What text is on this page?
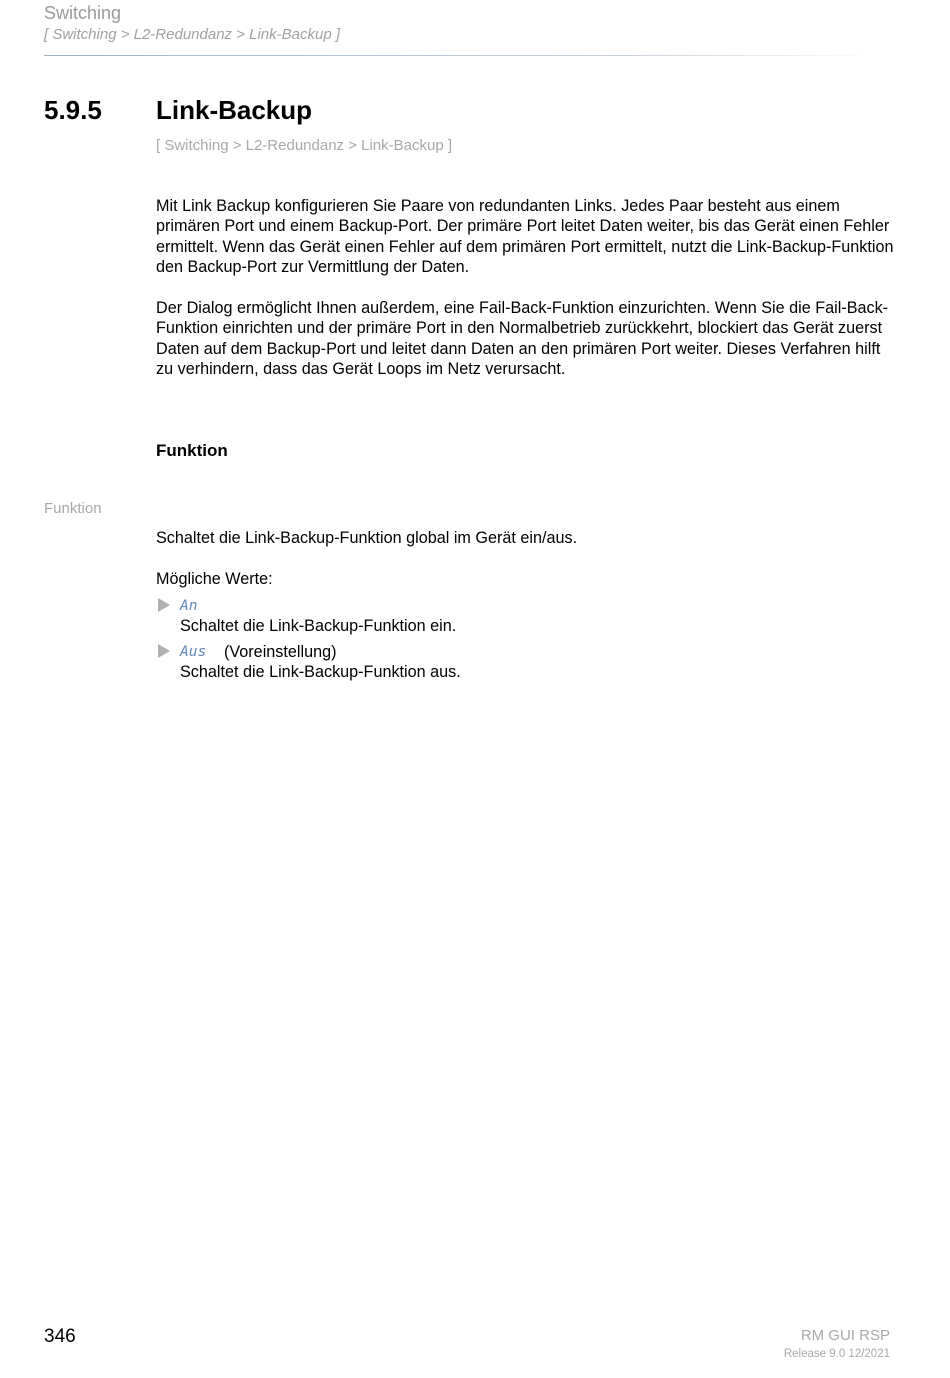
Switching
[ Switching > L2-Redundanz > Link-Backup ]
5.9.5 Link-Backup
[ Switching > L2-Redundanz > Link-Backup ]
Mit Link Backup konfigurieren Sie Paare von redundanten Links. Jedes Paar besteht aus einem primären Port und einem Backup-Port. Der primäre Port leitet Daten weiter, bis das Gerät einen Fehler ermittelt. Wenn das Gerät einen Fehler auf dem primären Port ermittelt, nutzt die Link-Backup-Funktion den Backup-Port zur Vermittlung der Daten.
Der Dialog ermöglicht Ihnen außerdem, eine Fail-Back-Funktion einzurichten. Wenn Sie die Fail-Back-Funktion einrichten und der primäre Port in den Normalbetrieb zurückkehrt, blockiert das Gerät zuerst Daten auf dem Backup-Port und leitet dann Daten an den primären Port weiter. Dieses Verfahren hilft zu verhindern, dass das Gerät Loops im Netz verursacht.
Funktion
Funktion
Schaltet die Link-Backup-Funktion global im Gerät ein/aus.
Mögliche Werte:
An
Schaltet die Link-Backup-Funktion ein.
Aus (Voreinstellung)
Schaltet die Link-Backup-Funktion aus.
346	RM GUI RSP
Release 9.0 12/2021
